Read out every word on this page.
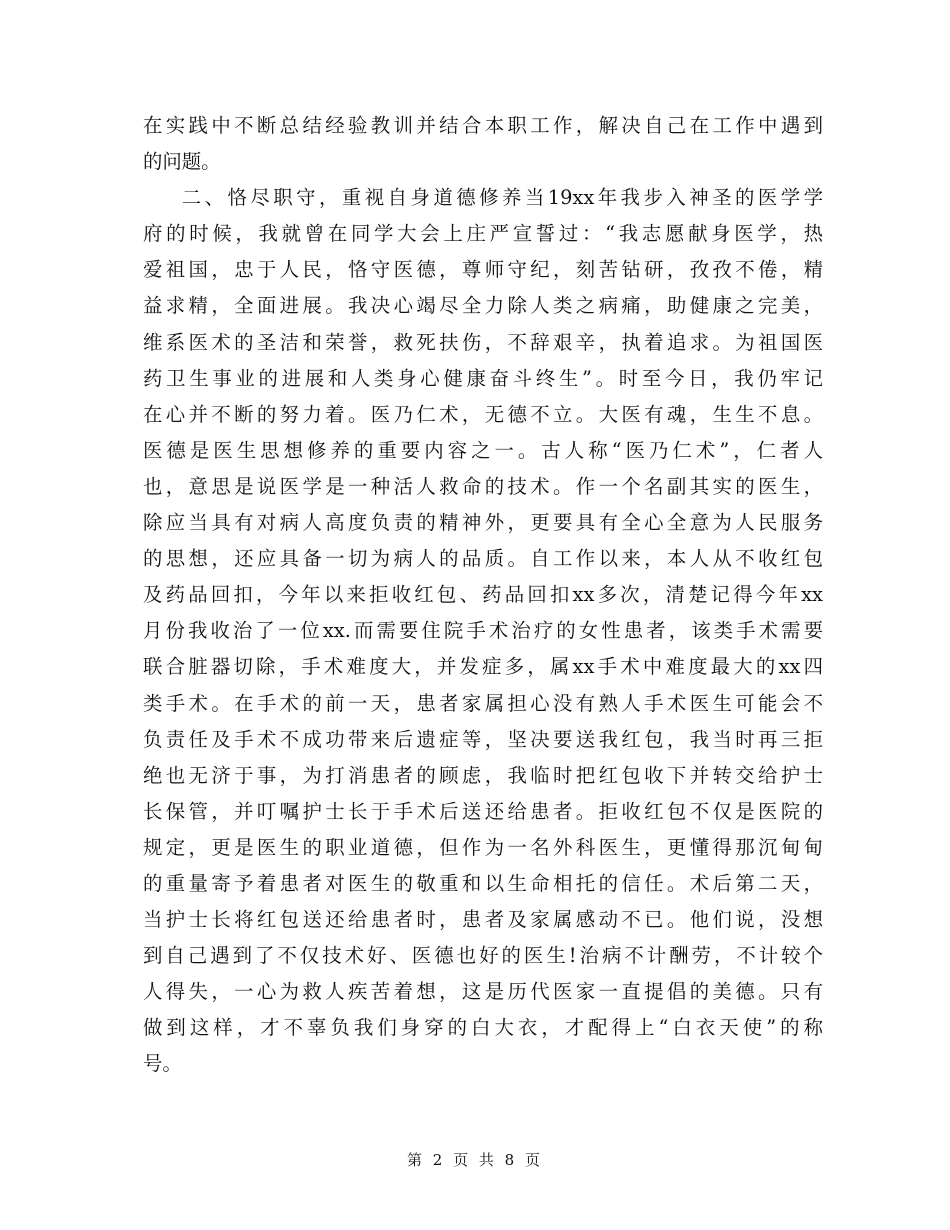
在实践中不断总结经验教训并结合本职工作，解决自己在工作中遇到
的问题。
二、恪尽职守，重视自身道德修养当19xx年我步入神圣的医学学
府的时候，我就曾在同学大会上庄严宣誓过：“我志愿献身医学，热
爱祖国，忠于人民，恪守医德，尊师守纪，刻苦钻研，孜孜不倦，精
益求精，全面进展。我决心竭尽全力除人类之病痛，助健康之完美，
维系医术的圣洁和荣誉，救死扶伤，不辞艰辛，执着追求。为祖国医
药卫生事业的进展和人类身心健康奋斗终生”。时至今日，我仍牢记
在心并不断的努力着。医乃仁术，无德不立。大医有魂，生生不息。
医德是医生思想修养的重要内容之一。古人称“医乃仁术”，仁者人
也，意思是说医学是一种活人救命的技术。作一个名副其实的医生，
除应当具有对病人高度负责的精神外，更要具有全心全意为人民服务
的思想，还应具备一切为病人的品质。自工作以来，本人从不收红包
及药品回扣，今年以来拒收红包、药品回扣xx多次，清楚记得今年xx
月份我收治了一位xx.而需要住院手术治疗的女性患者，该类手术需要
联合脏器切除，手术难度大，并发症多，属xx手术中难度最大的xx四
类手术。在手术的前一天，患者家属担心没有熟人手术医生可能会不
负责任及手术不成功带来后遗症等，坚决要送我红包，我当时再三拒
绝也无济于事，为打消患者的顾虑，我临时把红包收下并转交给护士
长保管，并叮嘱护士长于手术后送还给患者。拒收红包不仅是医院的
规定，更是医生的职业道德，但作为一名外科医生，更懂得那沉甸甸
的重量寄予着患者对医生的敬重和以生命相托的信任。术后第二天，
当护士长将红包送还给患者时，患者及家属感动不已。他们说，没想
到自己遇到了不仅技术好、医德也好的医生!治病不计酬劳，不计较个
人得失，一心为救人疾苦着想，这是历代医家一直提倡的美德。只有
做到这样，才不辜负我们身穿的白大衣，才配得上“白衣天使”的称
号。
第 2 页 共 8 页
